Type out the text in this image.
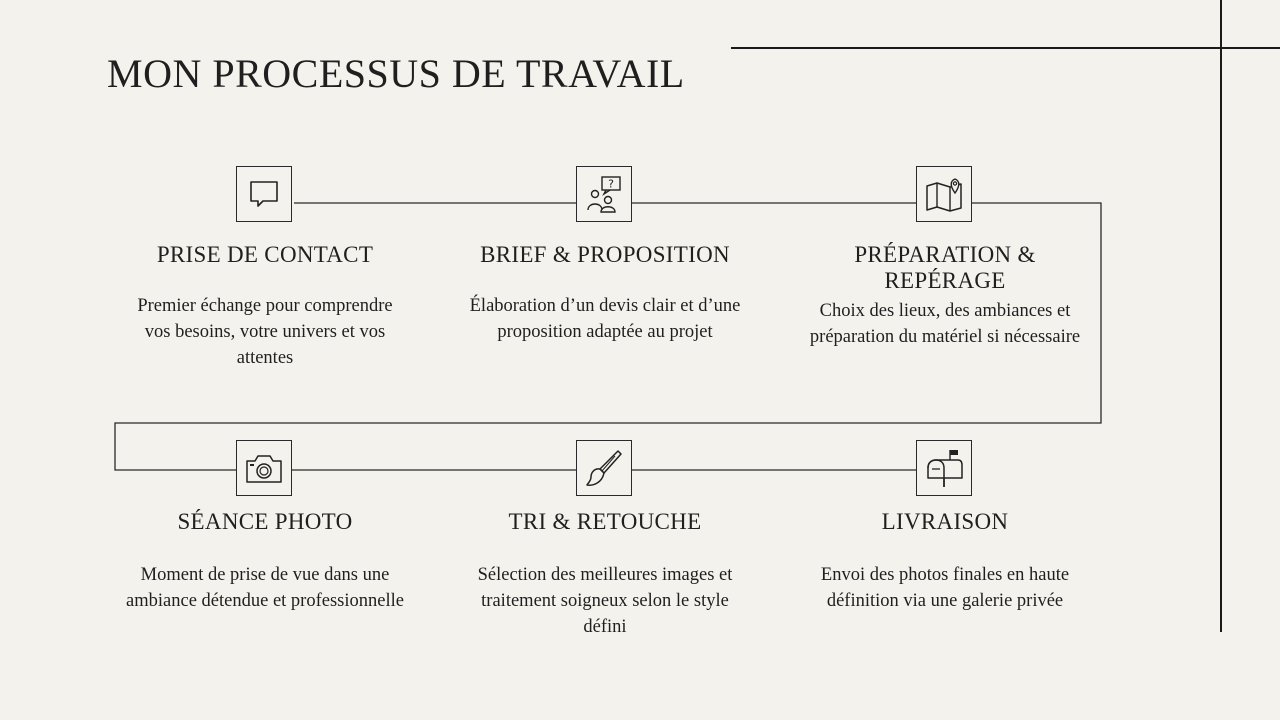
MON PROCESSUS DE TRAVAIL
PRISE DE CONTACT
Premier échange pour comprendre vos besoins, votre univers et vos attentes
?
BRIEF & PROPOSITION
Élaboration d’un devis clair et d’une proposition adaptée au projet
PRÉPARATION & REPÉRAGE
Choix des lieux, des ambiances et préparation du matériel si nécessaire
SÉANCE PHOTO
Moment de prise de vue dans une ambiance détendue et professionnelle
TRI & RETOUCHE
Sélection des meilleures images et traitement soigneux selon le style défini
LIVRAISON
Envoi des photos finales en haute définition via une galerie privée
